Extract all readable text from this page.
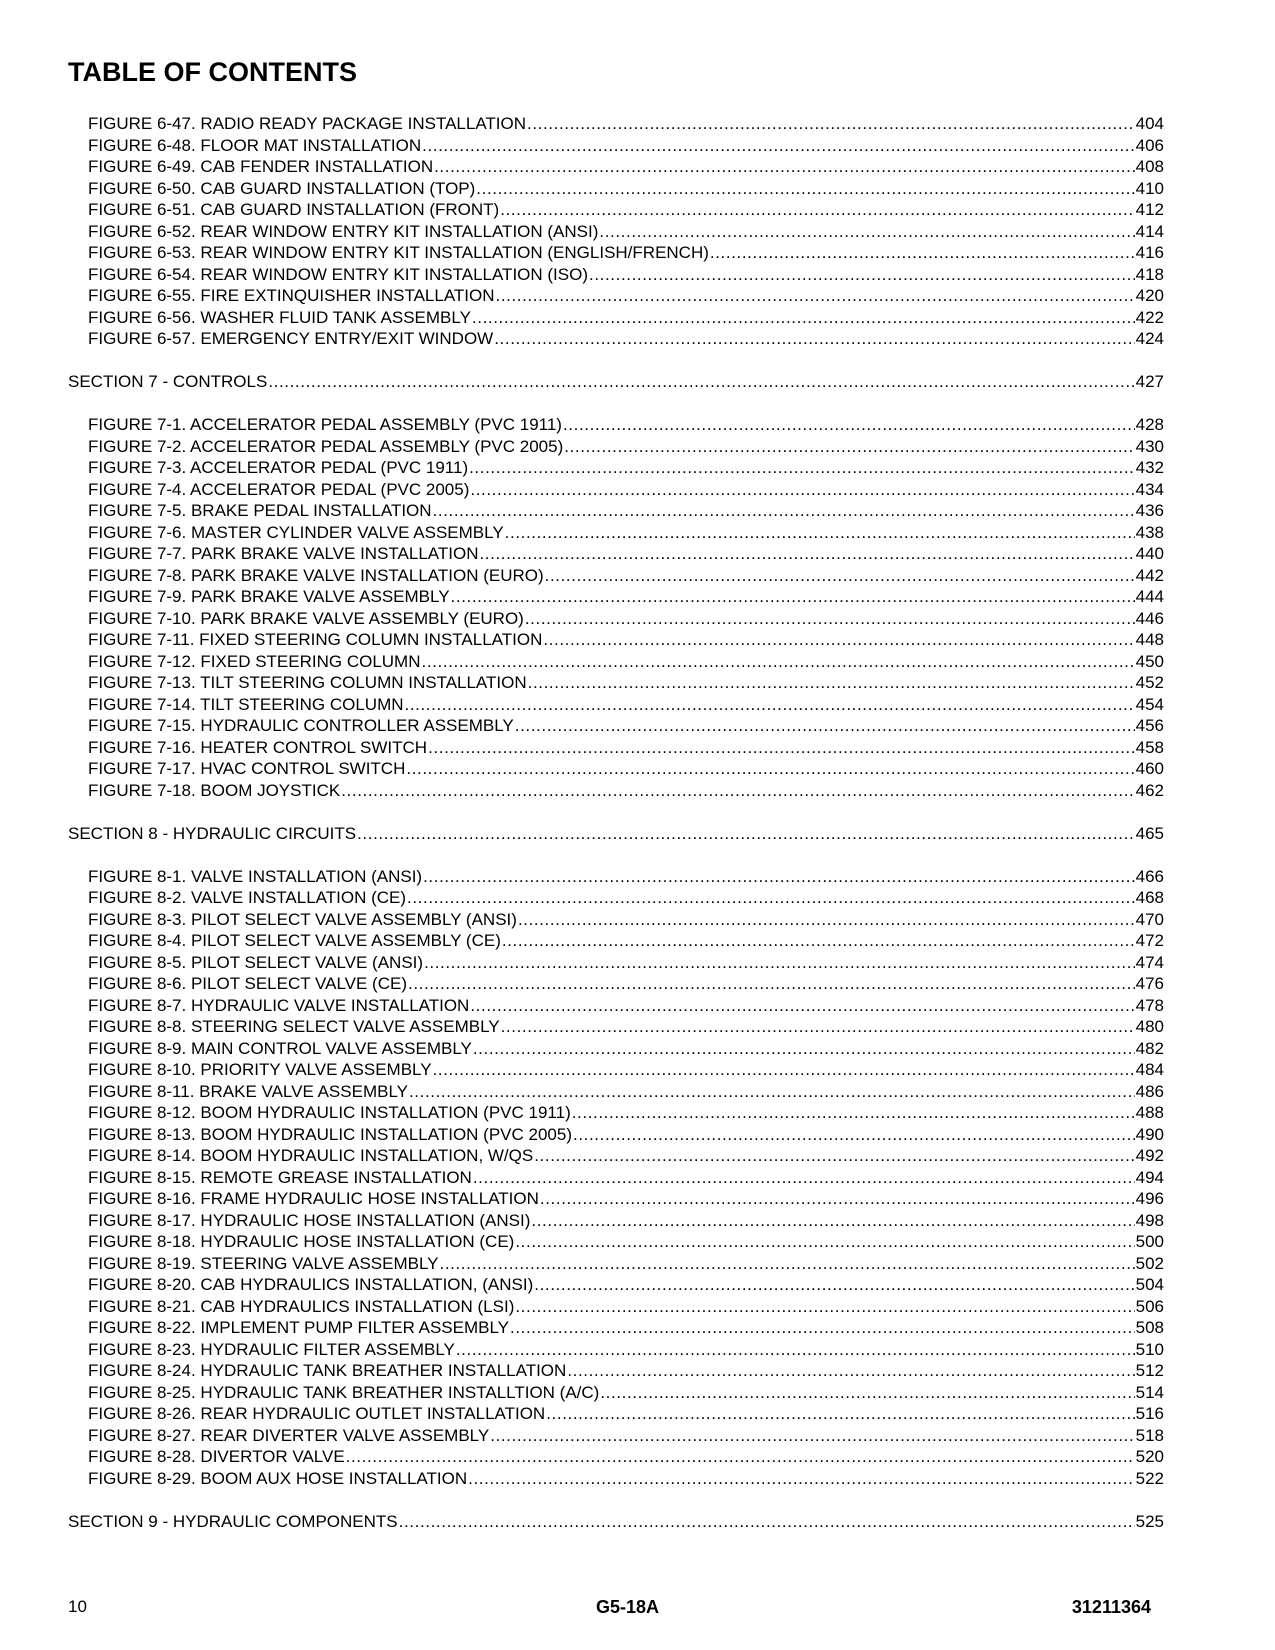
TABLE OF CONTENTS
FIGURE 6-47. RADIO READY PACKAGE INSTALLATION .....	404
FIGURE 6-48. FLOOR MAT INSTALLATION .....	406
FIGURE 6-49. CAB FENDER INSTALLATION .....	408
FIGURE 6-50. CAB GUARD INSTALLATION (TOP) .....	410
FIGURE 6-51. CAB GUARD INSTALLATION (FRONT) .....	412
FIGURE 6-52. REAR WINDOW ENTRY KIT INSTALLATION (ANSI) .....	414
FIGURE 6-53. REAR WINDOW ENTRY KIT INSTALLATION (ENGLISH/FRENCH) .....	416
FIGURE 6-54. REAR WINDOW ENTRY KIT INSTALLATION (ISO) .....	418
FIGURE 6-55. FIRE EXTINQUISHER INSTALLATION .....	420
FIGURE 6-56. WASHER FLUID TANK ASSEMBLY .....	422
FIGURE 6-57. EMERGENCY ENTRY/EXIT WINDOW .....	424
SECTION 7 - CONTROLS .....	427
FIGURE 7-1. ACCELERATOR PEDAL ASSEMBLY (PVC 1911) .....	428
FIGURE 7-2. ACCELERATOR PEDAL ASSEMBLY (PVC 2005) .....	430
FIGURE 7-3. ACCELERATOR PEDAL (PVC 1911) .....	432
FIGURE 7-4. ACCELERATOR PEDAL (PVC 2005) .....	434
FIGURE 7-5. BRAKE PEDAL INSTALLATION .....	436
FIGURE 7-6. MASTER CYLINDER VALVE ASSEMBLY .....	438
FIGURE 7-7. PARK BRAKE VALVE INSTALLATION .....	440
FIGURE 7-8. PARK BRAKE VALVE INSTALLATION (EURO) .....	442
FIGURE 7-9. PARK BRAKE VALVE ASSEMBLY .....	444
FIGURE 7-10. PARK BRAKE VALVE ASSEMBLY (EURO) .....	446
FIGURE 7-11. FIXED STEERING COLUMN INSTALLATION .....	448
FIGURE 7-12. FIXED STEERING COLUMN .....	450
FIGURE 7-13. TILT STEERING COLUMN INSTALLATION .....	452
FIGURE 7-14. TILT STEERING COLUMN .....	454
FIGURE 7-15. HYDRAULIC CONTROLLER ASSEMBLY .....	456
FIGURE 7-16. HEATER CONTROL SWITCH .....	458
FIGURE 7-17. HVAC CONTROL SWITCH .....	460
FIGURE 7-18. BOOM JOYSTICK .....	462
SECTION 8 - HYDRAULIC CIRCUITS .....	465
FIGURE 8-1. VALVE INSTALLATION (ANSI) .....	466
FIGURE 8-2. VALVE INSTALLATION (CE) .....	468
FIGURE 8-3. PILOT SELECT VALVE ASSEMBLY (ANSI) .....	470
FIGURE 8-4. PILOT SELECT VALVE ASSEMBLY (CE) .....	472
FIGURE 8-5. PILOT SELECT VALVE (ANSI) .....	474
FIGURE 8-6. PILOT SELECT VALVE (CE) .....	476
FIGURE 8-7. HYDRAULIC VALVE INSTALLATION .....	478
FIGURE 8-8. STEERING SELECT VALVE ASSEMBLY .....	480
FIGURE 8-9. MAIN CONTROL VALVE ASSEMBLY .....	482
FIGURE 8-10. PRIORITY VALVE ASSEMBLY .....	484
FIGURE 8-11. BRAKE VALVE ASSEMBLY .....	486
FIGURE 8-12. BOOM HYDRAULIC INSTALLATION (PVC 1911) .....	488
FIGURE 8-13. BOOM HYDRAULIC INSTALLATION (PVC 2005) .....	490
FIGURE 8-14. BOOM HYDRAULIC INSTALLATION, W/QS .....	492
FIGURE 8-15. REMOTE GREASE INSTALLATION .....	494
FIGURE 8-16. FRAME HYDRAULIC HOSE INSTALLATION .....	496
FIGURE 8-17. HYDRAULIC HOSE INSTALLATION (ANSI) .....	498
FIGURE 8-18. HYDRAULIC HOSE INSTALLATION (CE) .....	500
FIGURE 8-19. STEERING VALVE ASSEMBLY .....	502
FIGURE 8-20. CAB HYDRAULICS INSTALLATION, (ANSI) .....	504
FIGURE 8-21. CAB HYDRAULICS INSTALLATION (LSI) .....	506
FIGURE 8-22. IMPLEMENT PUMP FILTER ASSEMBLY .....	508
FIGURE 8-23. HYDRAULIC FILTER ASSEMBLY .....	510
FIGURE 8-24. HYDRAULIC TANK BREATHER INSTALLATION .....	512
FIGURE 8-25. HYDRAULIC TANK BREATHER INSTALLTION (A/C) .....	514
FIGURE 8-26. REAR HYDRAULIC OUTLET INSTALLATION .....	516
FIGURE 8-27. REAR DIVERTER VALVE ASSEMBLY .....	518
FIGURE 8-28. DIVERTOR VALVE .....	520
FIGURE 8-29. BOOM AUX HOSE INSTALLATION .....	522
SECTION 9 - HYDRAULIC COMPONENTS .....	525
10	G5-18A	31211364
